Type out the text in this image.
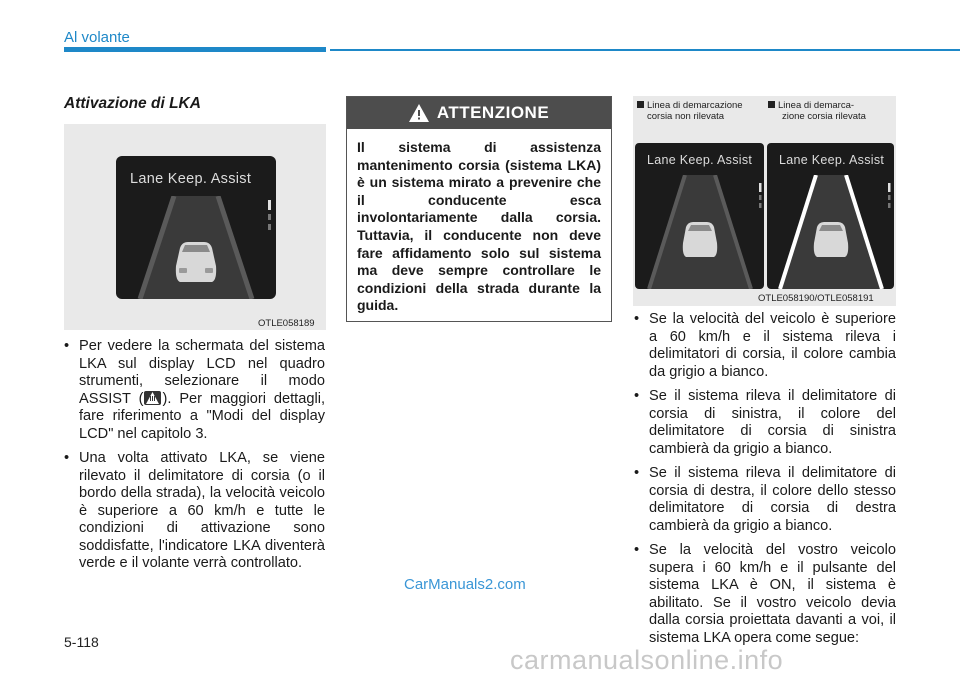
Al volante
Attivazione di LKA
Lane Keep. Assist
OTLE058189
• Per vedere la schermata del sistema LKA sul display LCD nel quadro strumenti, selezionare il modo ASSIST ( ). Per maggiori dettagli, fare riferimento a "Modi del display LCD" nel capitolo 3.
• Una volta attivato LKA, se viene rilevato il delimitatore di corsia (o il bordo della strada), la velocità veicolo è superiore a 60 km/h e tutte le condizioni di attivazione sono soddisfatte, l'indicatore LKA diventerà verde e il volante verrà controllato.
ATTENZIONE
Il sistema di assistenza mantenimento corsia (sistema LKA) è un sistema mirato a prevenire che il conducente esca involontariamente dalla corsia. Tuttavia, il conducente non deve fare affidamento solo sul sistema ma deve sempre controllare le condizioni della strada durante la guida.
Linea di demarcazione
corsia non rilevata
Linea di demarca-
zione corsia rilevata
Lane Keep. Assist Lane Keep. Assist
OTLE058190/OTLE058191
• Se la velocità del veicolo è superiore a 60 km/h e il sistema rileva i delimitatori di corsia, il colore cambia da grigio a bianco.
• Se il sistema rileva il delimitatore di corsia di sinistra, il colore del delimitatore di corsia di sinistra cambierà da grigio a bianco.
• Se il sistema rileva il delimitatore di corsia di destra, il colore dello stesso delimitatore di corsia di destra cambierà da grigio a bianco.
• Se la velocità del vostro veicolo supera i 60 km/h e il pulsante del sistema LKA è ON, il sistema è abilitato. Se il vostro veicolo devia dalla corsia proiettata davanti a voi, il sistema LKA opera come segue:
CarManuals2.com
5-118
carmanualsonline.info
